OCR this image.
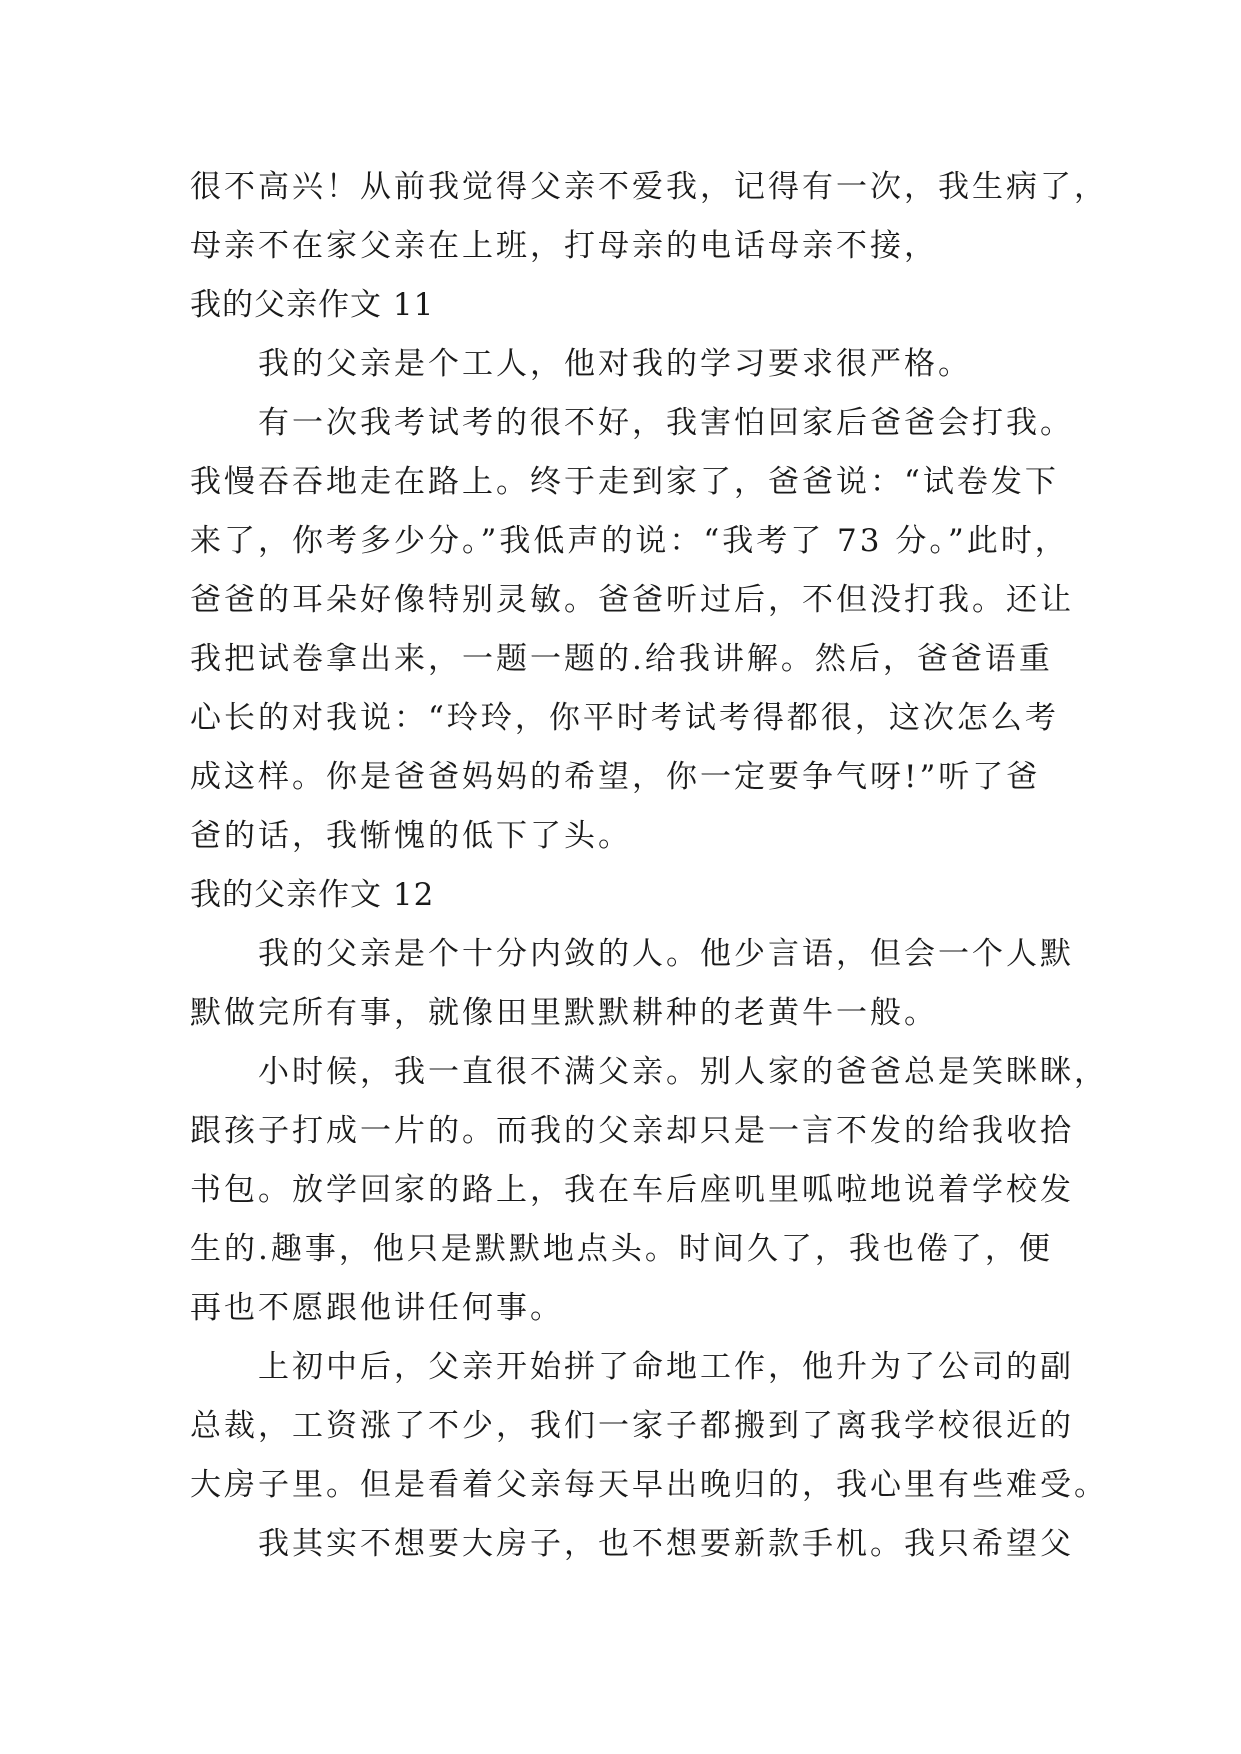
很不高兴！从前我觉得父亲不爱我，记得有一次，我生病了，
母亲不在家父亲在上班，打母亲的电话母亲不接，
我的父亲作文 11
我的父亲是个工人，他对我的学习要求很严格。
有一次我考试考的很不好，我害怕回家后爸爸会打我。
我慢吞吞地走在路上。终于走到家了，爸爸说：“试卷发下
来了，你考多少分。”我低声的说：“我考了 73 分。”此时，
爸爸的耳朵好像特别灵敏。爸爸听过后，不但没打我。还让
我把试卷拿出来，一题一题的.给我讲解。然后，爸爸语重
心长的对我说：“玲玲，你平时考试考得都很，这次怎么考
成这样。你是爸爸妈妈的希望，你一定要争气呀!”听了爸
爸的话，我惭愧的低下了头。
我的父亲作文 12
我的父亲是个十分内敛的人。他少言语，但会一个人默
默做完所有事，就像田里默默耕种的老黄牛一般。
小时候，我一直很不满父亲。别人家的爸爸总是笑眯眯，
跟孩子打成一片的。而我的父亲却只是一言不发的给我收拾
书包。放学回家的路上，我在车后座叽里呱啦地说着学校发
生的.趣事，他只是默默地点头。时间久了，我也倦了，便
再也不愿跟他讲任何事。
上初中后，父亲开始拼了命地工作，他升为了公司的副
总裁，工资涨了不少，我们一家子都搬到了离我学校很近的
大房子里。但是看着父亲每天早出晚归的，我心里有些难受。
我其实不想要大房子，也不想要新款手机。我只希望父
